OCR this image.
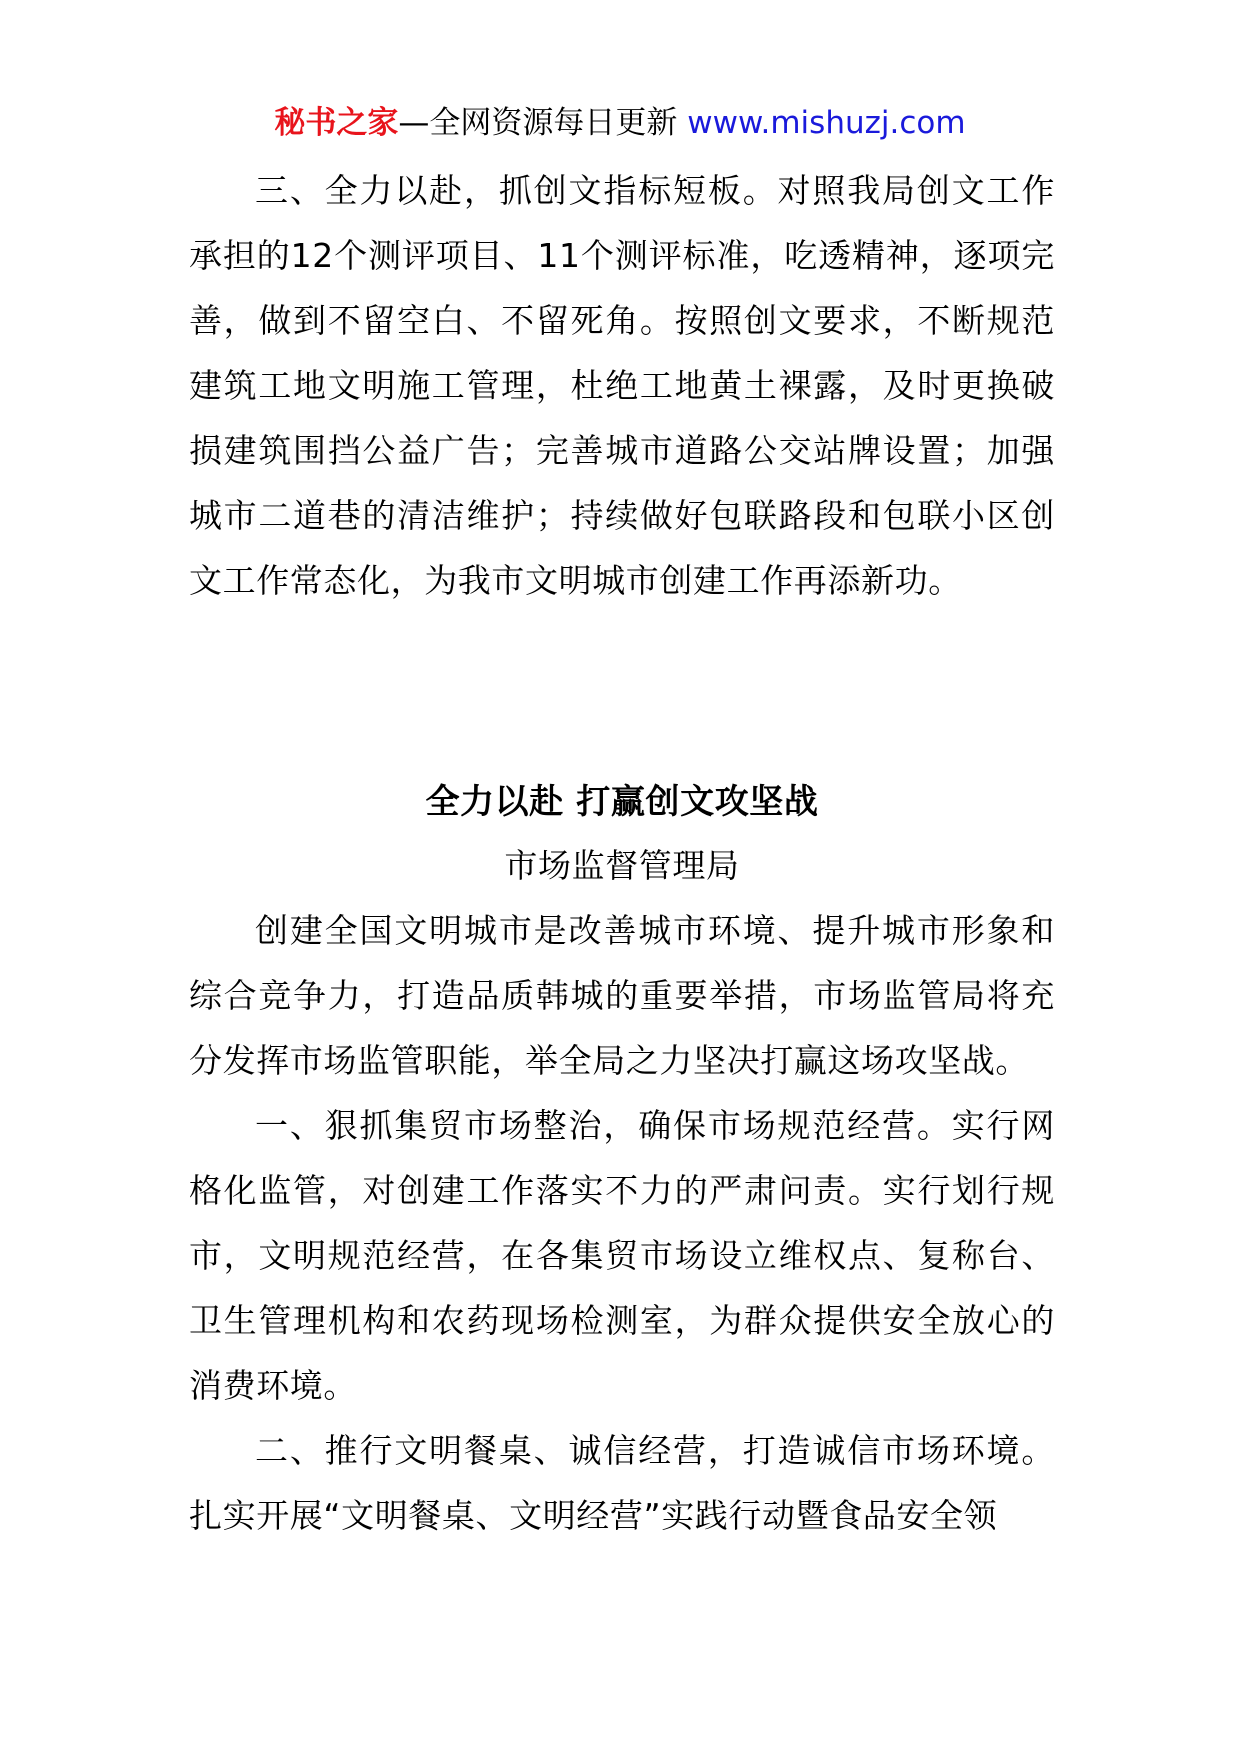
秘书之家—全网资源每日更新 www.mishuzj.com

三、全力以赴，抓创文指标短板。对照我局创文工作承担的12个测评项目、11个测评标准，吃透精神，逐项完善，做到不留空白、不留死角。按照创文要求，不断规范建筑工地文明施工管理，杜绝工地黄土裸露，及时更换破损建筑围挡公益广告；完善城市道路公交站牌设置；加强城市二道巷的清洁维护；持续做好包联路段和包联小区创文工作常态化，为我市文明城市创建工作再添新功。

全力以赴 打赢创文攻坚战

市场监督管理局

创建全国文明城市是改善城市环境、提升城市形象和综合竞争力，打造品质韩城的重要举措，市场监管局将充分发挥市场监管职能，举全局之力坚决打赢这场攻坚战。

一、狠抓集贸市场整治，确保市场规范经营。实行网格化监管，对创建工作落实不力的严肃问责。实行划行规市，文明规范经营，在各集贸市场设立维权点、复称台、卫生管理机构和农药现场检测室，为群众提供安全放心的消费环境。

二、推行文明餐桌、诚信经营，打造诚信市场环境。扎实开展“文明餐桌、文明经营”实践行动暨食品安全领
